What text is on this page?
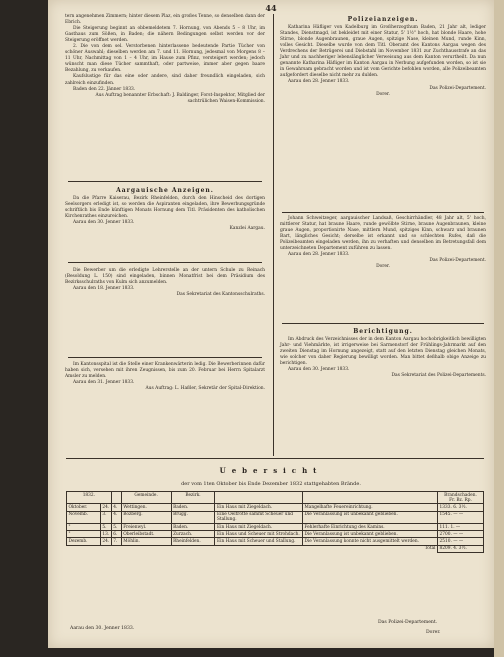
44

tern angenehmen Zimmern; hinter diesem Plaz, ein großes Tenne, so denselben dann der Ebrich.

Die Steigerung beginnt an obbemeldetem 7. Hornung, von Abends 5 – 8 Uhr, im Gasthaus zum Sößen, in Baden; die nähern Bedingungen selbst werden vor der Steigerung eröffnet werden.

2. Die von dem sel. Verstorbenen hinterlassene bedeutende Partie Tücher von schöner Auswahl; dieselben werden am 7. und 11. Hornung, jedesmal von Morgens 8 – 11 Uhr, Nachmittag von 1 – 4 Uhr, im Hause zum Pfinz, versteigert werden; jedoch wünscht man diese Tücher sammthaft, oder partweise, immer aber gegen baare Bezahlung, zu verkaufen.

Kaufslustige für das eine oder andere, sind daher freundlich eingeladen, sich zahlreich einzufinden.

Baden den 22. Jänner 1833.

Aus Auftrag benannter Erbschaft: J. Baldinger, Forst-Inspektor, Mitglied der sachtrülichen Waisen-Kommission.

Aargauische Anzeigen.

Da die Pfarre Kaiserau, Bezirk Rheinfelden, durch den Hinscheid des dortigen Seelsorgers erledigt ist, so werden die Aspiranten eingeladen, ihre Bewerbungsgründe schriftlich bis Ende künftigen Monats Hornung dem Titl. Präsidenten des katholischen Kirchenrathes einzureichen.

Aarau den 30. Jenner 1833.

Kanzlei Aargau.

Die Bewerber um die erledigte Lehrerstelle an der untern Schule zu Reinach (Besoldung L. 150) sind eingeladen, binnen Monatfrist bei dem Präsidium des Bezirksschulraths von Kulm sich anzumelden.

Aarau den 18. Jenner 1833.

Das Sekretariat des Kantonsschulraths.

Im Kantonsspital ist die Stelle einer Krankenwärterin ledig. Die Bewerberinnen dafür haben sich, versehen mit ihren Zeugnissen, bis zum 20. Februar bei Herrn Spitalarzt Amsler zu melden.

Aarau den 31. Jenner 1833.

Aus Auftrag: L. Haßler, Sekretär der Spital-Direktion.

Polizeianzeigen.

Katharina Häfliger von Kadelburg im Großherzogthum Baden, 21 Jahr alt, lediger Standes, Dienstmagd, ist bekleidet mit einer Statur, 5' 1½" hoch, hat blonde Haare, hohe Stirne, blonde Augenbraunen, graue Augen, spitzige Nase, kleinen Mund, runde Kinn, volles Gesicht. Dieselbe wurde von dem Titl. Oberamt des Kantons Aargau wegen des Verdrechens der Betrügerei und Diebstahl im November 1831 zur Zuchthausstrafe an das Jahr und zu nachheriger lebenslänglicher Verweisung aus dem Kanton verurtheilt. Da nun genannte Katharina Häfliger im Kanton Aargau in Nerbung aufgefunden worden, so ist sie in Gewahrsam gebracht worden und ist vom Gerichte befohlen worden, alle Polizeibeamten aufgefordert dieselbe nicht mehr zu dulden.

Aarau den 28. Jenner 1833.

Das Polizei-Departement.

Dorer.

Johann Schweitzeger, aargauischer Landsaß, Geschirrhändler, 48 Jahr alt, 5' hoch, mittlerer Statur, hat braune Haare, runde gewölbte Stirne, braune Augenbraunen, kleine graue Augen, proportionirte Nase, mittlern Mund, spitziges Kinn, schwarz und braunen Bart, längliches Gesicht; derselbe ist erkannt und so schlechten Rufes, daß die Polizeibeamten eingeladen werden, ihn zu verhaften und denselben im Betretungsfall dem unterzeichneten Departement zuführen zu lassen.

Aarau den 28. Jenner 1833.

Das Polizei-Departement.

Dorer.

Berichtigung.

Im Abdruck des Verzeichnisses der in dem Kanton Aargau hochobrigkeitlich bewilligten Jahr- und Viehmärkte, ist irrigerweise bei Sarmenstorf der Frühlings-Jahrmarkt auf den zweiten Dienstag im Hornung angezeigt, statt auf den letzten Dienstag gleichen Monats, wie solcher von daher Regierung bewilligt worden. Man bittet deßhalb obige Anzeige zu berichtigen.

Aarau den 30. Jenner 1833.

Das Sekretariat des Polizei-Departements.

Uebersicht
der vom 1ten Oktober bis Ende Dezember 1832 stattgehabten Brände.
1832.			Gemeinde.	Bezirk.			Brandschaden.
Fr. Bz. Rp.
Oktober.	24.	4.	Wettingen.	Baden.	Ein Haus mit Ziegeldach.	Mangelhafte Feuereinrichtung.	1333. 6. 3½.
Novemb.	3.	4.	Bözberg.	Brugg.	Eine Oeltrotte sammt Scheuer und Stallung.	Die Veranlassung ist unbekannt geblieben.	1545. — —
"	5.	5.	Freienwyl.	Baden.	Ein Haus mit Ziegeldach.	Fehlerhafte Einrichtung des Kamins.	111. 1. —
"	13.	6.	Oberleibstadt.	Zurzach.	Ein Haus und Scheuer mit Strohdach.	Die Veranlassung ist unbekannt geblieben.	2700. — —
Dezemb.	24.	7.	Möhlin.	Rheinfelden.	Ein Haus mit Scheuer und Stallung.	Die Veranlassung konnte nicht ausgemittelt werden.	2510. — —
						Total	8209. 4. 3½.
Aarau den 30. Jenner 1833.
Das Polizei-Departement.
Dorer.
